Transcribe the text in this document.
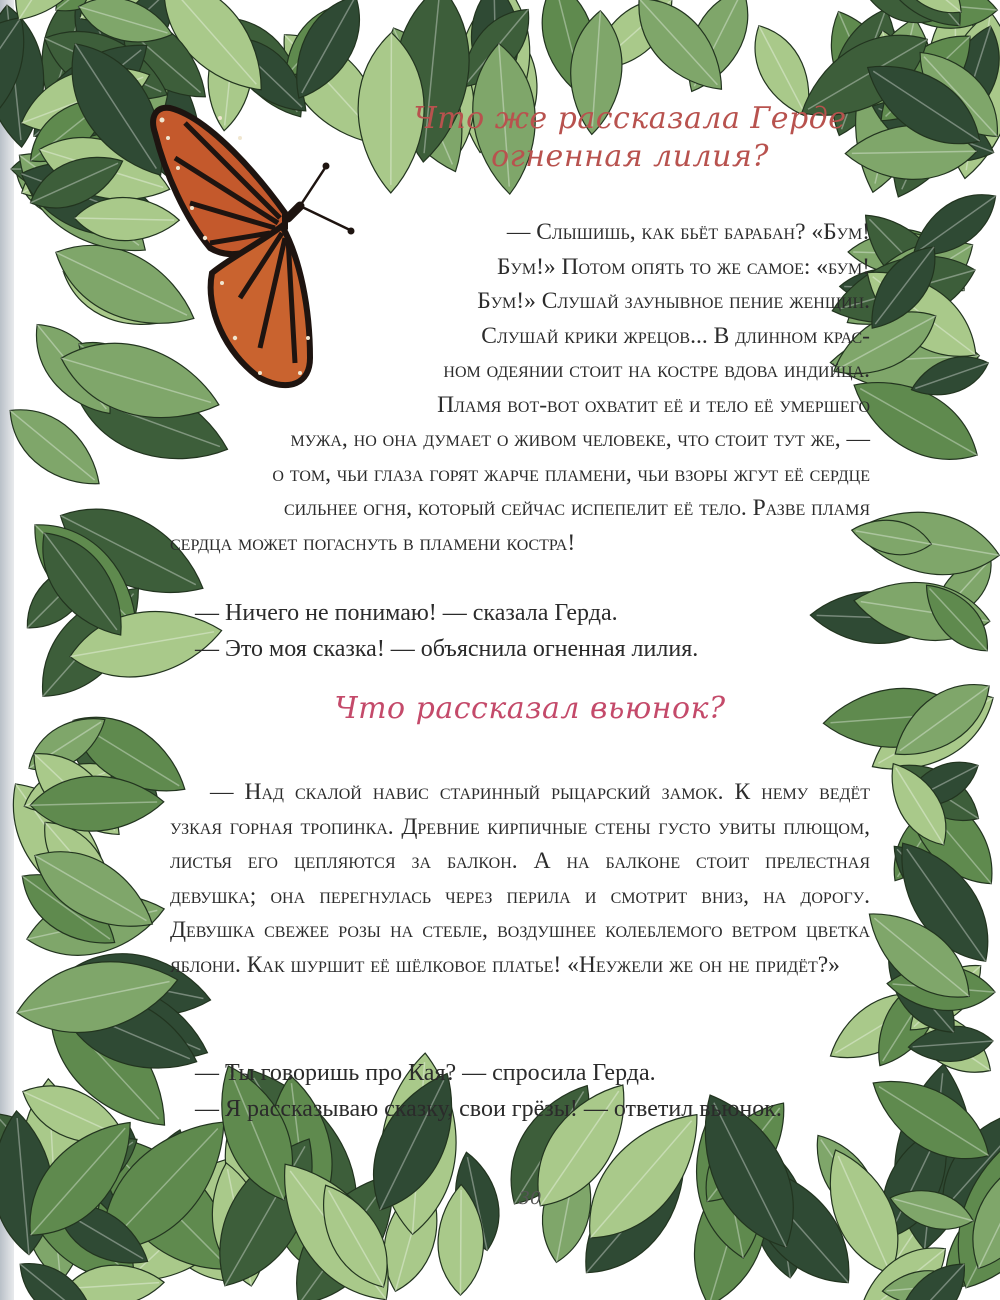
Что же рассказала Герде огненная лилия?
— Слышишь, как бьёт барабан? «Бум!
Бум!» Потом опять то же самое: «бум!
Бум!» Слушай заунывное пение женщин.
Слушай крики жрецов... В длинном крас-
ном одеянии стоит на костре вдова индийца.
Пламя вот-вот охватит её и тело её умершего
мужа, но она думает о живом человеке, что стоит тут же, —
о том, чьи глаза горят жарче пламени, чьи взоры жгут её сердце
сильнее огня, который сейчас испепелит её тело. Разве пламя
сердца может погаснуть в пламени костра!

— Ничего не понимаю! — сказала Герда.

— Это моя сказка! — объяснила огненная лилия.

Что рассказал вьюнок?

— Над скалой навис старинный рыцарский замок. К нему ведёт узкая горная тропинка. Древние кирпичные стены густо увиты плющом, листья его цепляются за балкон. А на балконе стоит прелестная девушка; она перегнулась через перила и смотрит вниз, на дорогу. Девушка свежее розы на стебле, воздушнее колеблемого ветром цветка яблони. Как шуршит её шёлковое платье! «Неужели же он не придёт?»

— Ты говоришь про Кая? — спросила Герда.

— Я рассказываю сказку, свои грёзы! — ответил вьюнок.

30
